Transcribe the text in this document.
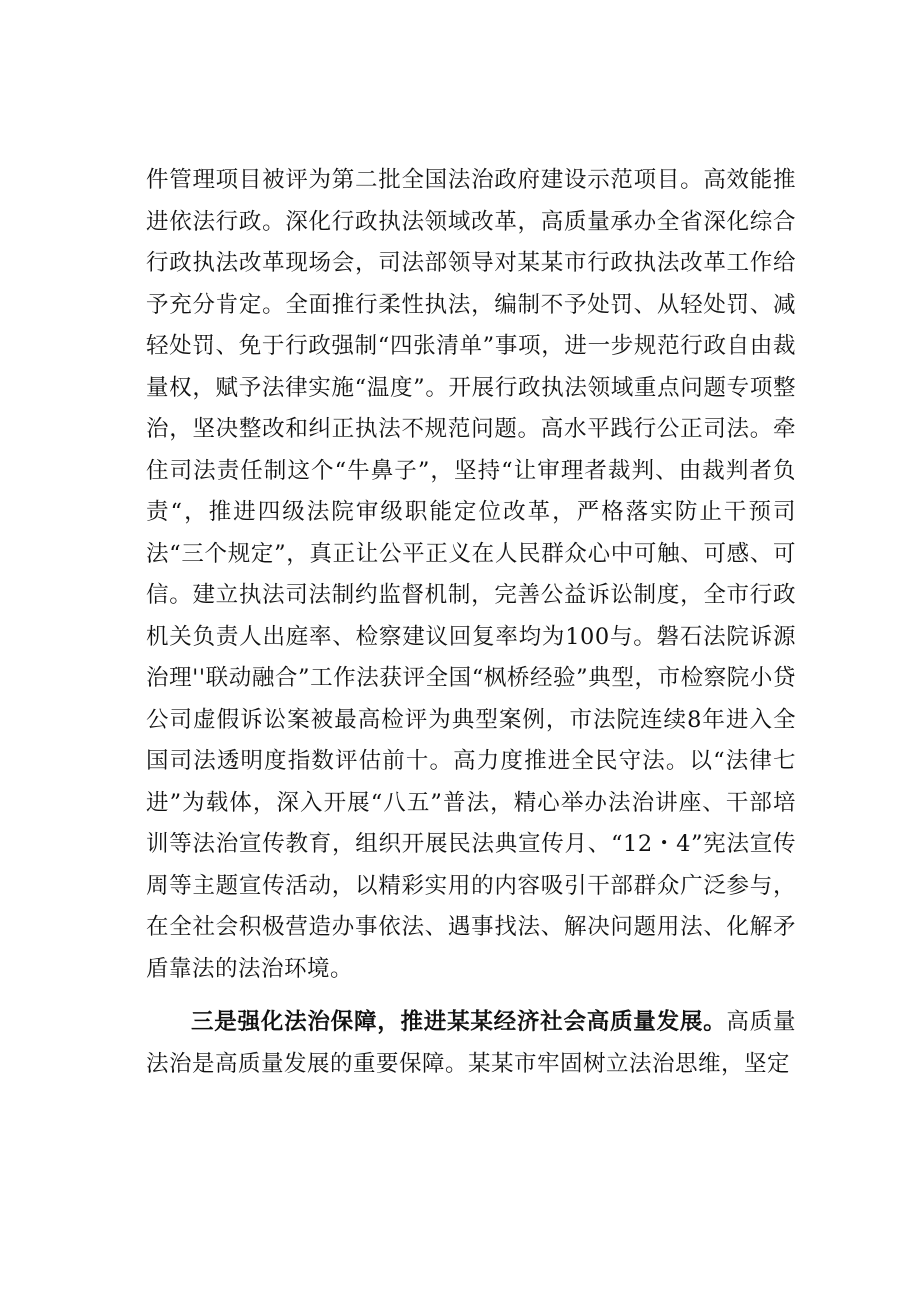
件管理项目被评为第二批全国法治政府建设示范项目。高效能推进依法行政。深化行政执法领域改革，高质量承办全省深化综合行政执法改革现场会，司法部领导对某某市行政执法改革工作给予充分肯定。全面推行柔性执法，编制不予处罚、从轻处罚、减轻处罚、免于行政强制“四张清单”事项，进一步规范行政自由裁量权，赋予法律实施“温度”。开展行政执法领域重点问题专项整治，坚决整改和纠正执法不规范问题。高水平践行公正司法。牵住司法责任制这个“牛鼻子”，坚持“让审理者裁判、由裁判者负责“，推进四级法院审级职能定位改革，严格落实防止干预司法“三个规定”，真正让公平正义在人民群众心中可触、可感、可信。建立执法司法制约监督机制，完善公益诉讼制度，全市行政机关负责人出庭率、检察建议回复率均为100与。磐石法院诉源治理''联动融合”工作法获评全国“枫桥经验”典型，市检察院小贷公司虚假诉讼案被最高检评为典型案例，市法院连续8年进入全国司法透明度指数评估前十。高力度推进全民守法。以“法律七进”为载体，深入开展“八五”普法，精心举办法治讲座、干部培训等法治宣传教育，组织开展民法典宣传月、“12・4”宪法宣传周等主题宣传活动，以精彩实用的内容吸引干部群众广泛参与，在全社会积极营造办事依法、遇事找法、解决问题用法、化解矛盾靠法的法治环境。

三是强化法治保障，推进某某经济社会高质量发展。高质量法治是高质量发展的重要保障。某某市牢固树立法治思维，坚定
